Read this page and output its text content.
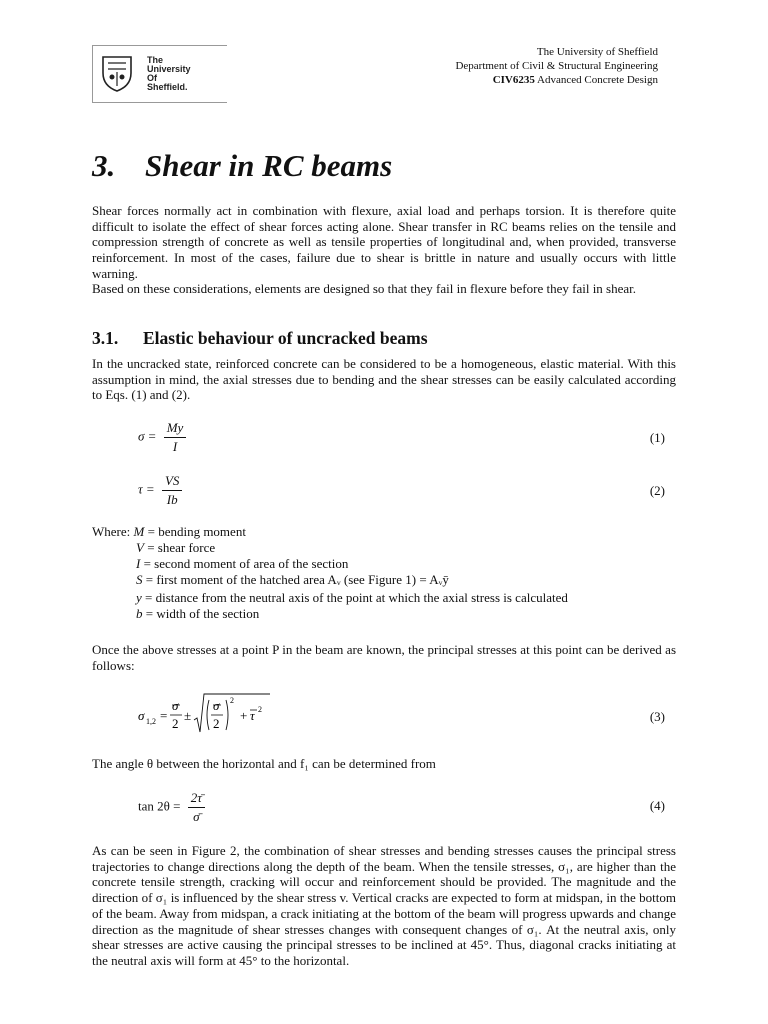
The
University
Of
Sheffield.
The University of Sheffield
Department of Civil & Structural Engineering
CIV6235 Advanced Concrete Design
3. Shear in RC beams

Shear forces normally act in combination with flexure, axial load and perhaps torsion. It is therefore quite difficult to isolate the effect of shear forces acting alone. Shear transfer in RC beams relies on the tensile and compression strength of concrete as well as tensile properties of longitudinal and, when provided, transverse reinforcement. In most of the cases, failure due to shear is brittle in nature and usually occurs with little warning.

Based on these considerations, elements are designed so that they fail in flexure before they fail in shear.

3.1. Elastic behaviour of uncracked beams

In the uncracked state, reinforced concrete can be considered to be a homogeneous, elastic material. With this assumption in mind, the axial stresses due to bending and the shear stresses can be easily calculated according to Eqs. (1) and (2).

$\sigma = \frac{My}{I}$	(1)
$\tau = \frac{VS}{Ib}$	(2)
Where: M = bending moment
V = shear force
I = second moment of area of the section
S = first moment of the hatched area Aᵥ (see Figure 1) = Aᵥȳ
y = distance from the neutral axis of the point at which the axial stress is calculated
b = width of the section

Once the above stresses at a point P in the beam are known, the principal stresses at this point can be derived as follows:

σ 1,2 =
σ
2
±
σ
2
2
+ τ 2	(3)

The angle θ between the horizontal and f₁ can be determined from

$\tan 2\theta = \frac{2\taū}{\sigmā}$	(4)

As can be seen in Figure 2, the combination of shear stresses and bending stresses causes the principal stress trajectories to change directions along the depth of the beam. When the tensile stresses, σ₁, are higher than the concrete tensile strength, cracking will occur and reinforcement should be provided. The magnitude and the direction of σ₁ is influenced by the shear stress v. Vertical cracks are expected to form at midspan, in the bottom of the beam. Away from midspan, a crack initiating at the bottom of the beam will progress upwards and change direction as the magnitude of shear stresses changes with consequent changes of σ₁. At the neutral axis, only shear stresses are active causing the principal stresses to be inclined at 45°. Thus, diagonal cracks initiating at the neutral axis will form at 45° to the horizontal.
